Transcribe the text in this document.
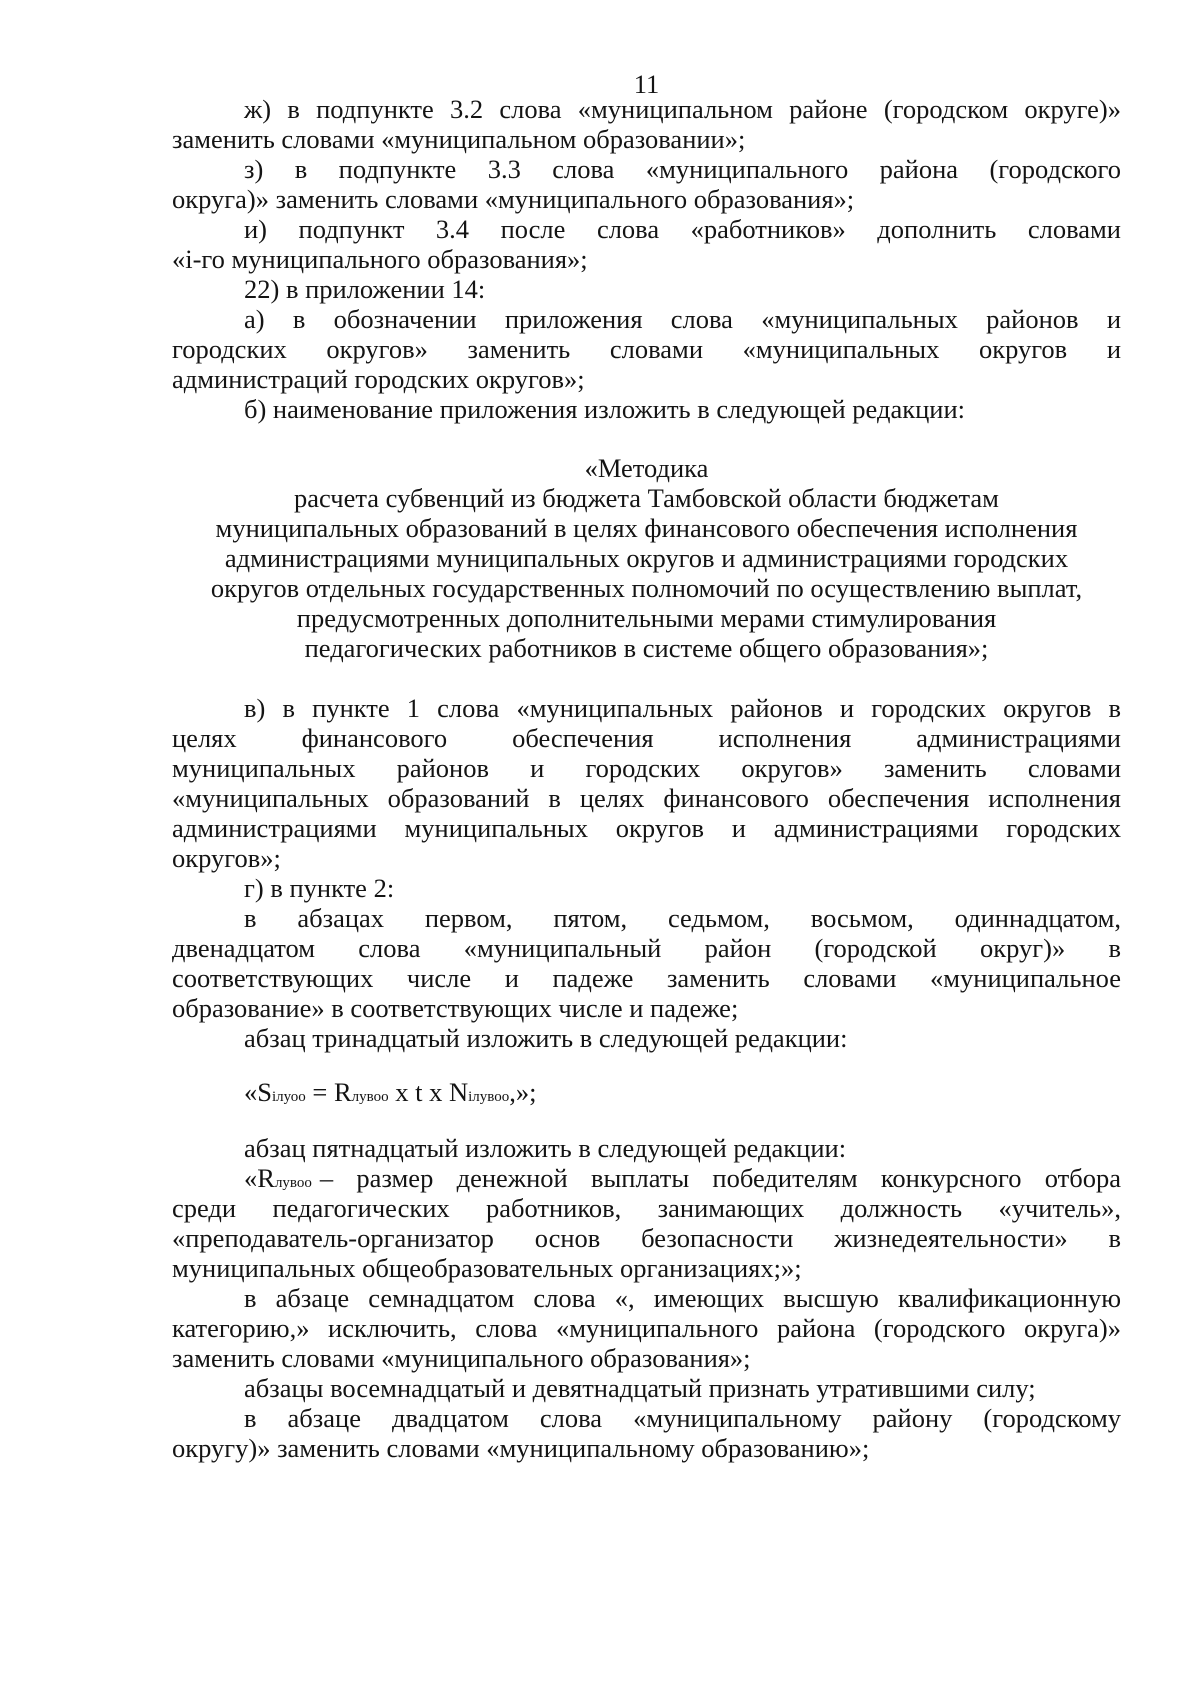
11
ж) в подпункте 3.2 слова «муниципальном районе (городском округе)»
заменить словами «муниципальном образовании»;
з) в подпункте 3.3 слова «муниципального района (городского
округа)» заменить словами «муниципального образования»;
и) подпункт 3.4 после слова «работников» дополнить словами
«i-го муниципального образования»;
22) в приложении 14:
а) в обозначении приложения слова «муниципальных районов и
городских округов» заменить словами «муниципальных округов и
администраций городских округов»;
б) наименование приложения изложить в следующей редакции:
«Методика
расчета субвенций из бюджета Тамбовской области бюджетам
муниципальных образований в целях финансового обеспечения исполнения
администрациями муниципальных округов и администрациями городских
округов отдельных государственных полномочий по осуществлению выплат,
предусмотренных дополнительными мерами стимулирования
педагогических работников в системе общего образования»;
в) в пункте 1 слова «муниципальных районов и городских округов в
целях финансового обеспечения исполнения администрациями
муниципальных районов и городских округов» заменить словами
«муниципальных образований в целях финансового обеспечения исполнения
администрациями муниципальных округов и администрациями городских
округов»;
г) в пункте 2:
в абзацах первом, пятом, седьмом, восьмом, одиннадцатом,
двенадцатом слова «муниципальный район (городской округ)» в
соответствующих числе и падеже заменить словами «муниципальное
образование» в соответствующих числе и падеже;
абзац тринадцатый изложить в следующей редакции:
«Siлуоо = Rлувоо x t x Niлувоо,»;
абзац пятнадцатый изложить в следующей редакции:
«Rлувоо – размер денежной выплаты победителям конкурсного отбора
среди педагогических работников, занимающих должность «учитель»,
«преподаватель-организатор основ безопасности жизнедеятельности» в
муниципальных общеобразовательных организациях;»;
в абзаце семнадцатом слова «, имеющих высшую квалификационную
категорию,» исключить, слова «муниципального района (городского округа)»
заменить словами «муниципального образования»;
абзацы восемнадцатый и девятнадцатый признать утратившими силу;
в абзаце двадцатом слова «муниципальному району (городскому
округу)» заменить словами «муниципальному образованию»;
